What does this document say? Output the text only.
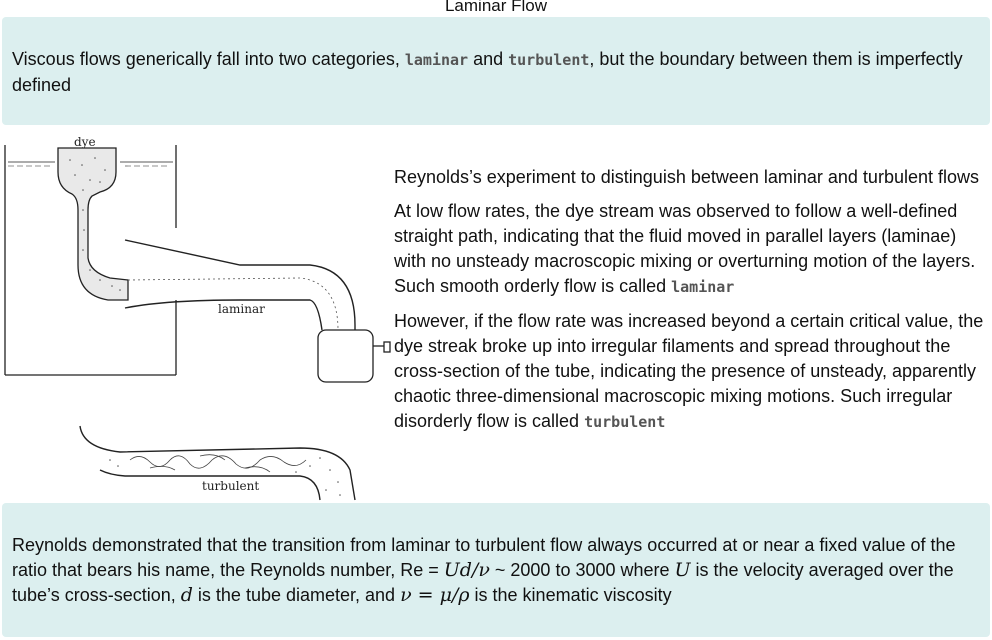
Laminar Flow
Viscous flows generically fall into two categories, laminar and turbulent, but the boundary between them is imperfectly defined
dye
laminar
turbulent

Reynolds’s experiment to distinguish between laminar and turbulent flows

At low flow rates, the dye stream was observed to follow a well-defined straight path, indicating that the fluid moved in parallel layers (laminae) with no unsteady macroscopic mixing or overturning motion of the layers. Such smooth orderly flow is called laminar

However, if the flow rate was increased beyond a certain critical value, the dye streak broke up into irregular filaments and spread throughout the cross-section of the tube, indicating the presence of unsteady, apparently chaotic three-dimensional macroscopic mixing motions. Such irregular disorderly flow is called turbulent

Reynolds demonstrated that the transition from laminar to turbulent flow always occurred at or near a fixed value of the ratio that bears his name, the Reynolds number, Re = Ud/ν ~ 2000 to 3000 where U is the velocity averaged over the tube’s cross-section, d is the tube diameter, and ν = μ/ρ is the kinematic viscosity
